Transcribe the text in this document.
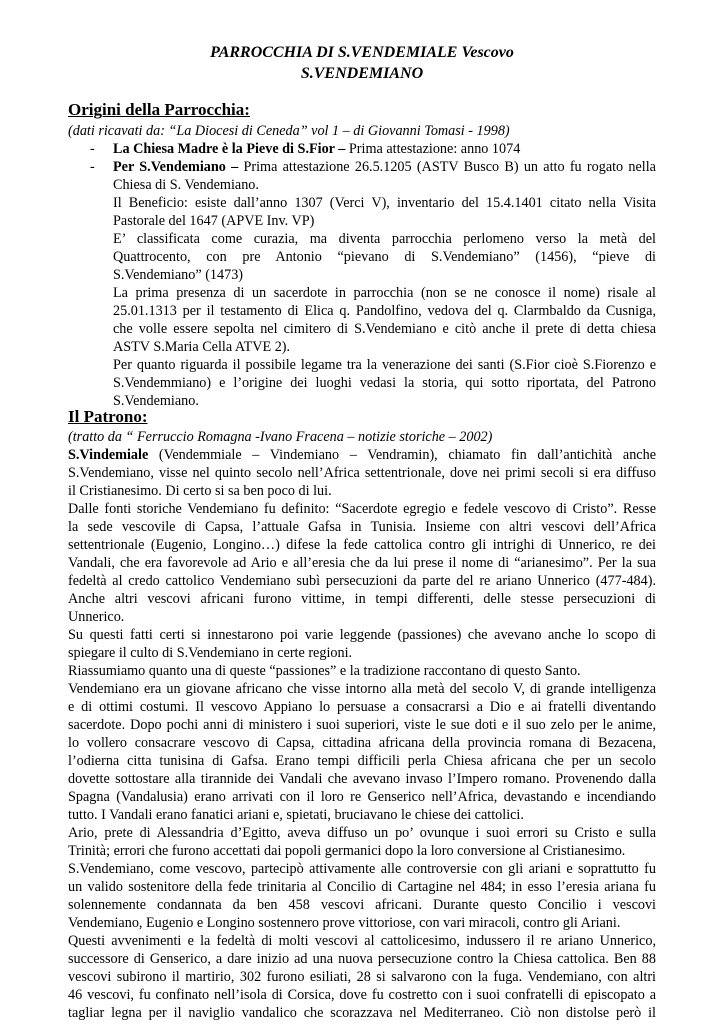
PARROCCHIA DI S.VENDEMIALE Vescovo
S.VENDEMIANO
Origini della Parrocchia:
(dati ricavati da: “La Diocesi di Ceneda” vol 1 – di Giovanni Tomasi - 1998)
- La Chiesa Madre è la Pieve di S.Fior – Prima attestazione: anno 1074
- Per S.Vendemiano – Prima attestazione 26.5.1205 (ASTV Busco B) un atto fu rogato nella
Chiesa di S. Vendemiano.
Il Beneficio: esiste dall’anno 1307 (Verci V), inventario del 15.4.1401 citato nella Visita
Pastorale del 1647 (APVE Inv. VP)
E’ classificata come curazia, ma diventa parrocchia perlomeno verso la metà del
Quattrocento, con pre Antonio “pievano di S.Vendemiano” (1456), “pieve di
S.Vendemiano” (1473)
La prima presenza di un sacerdote in parrocchia (non se ne conosce il nome) risale al
25.01.1313 per il testamento di Elica q. Pandolfino, vedova del q. Clarmbaldo da Cusniga,
che volle essere sepolta nel cimitero di S.Vendemiano e citò anche il prete di detta chiesa
ASTV S.Maria Cella ATVE 2).
Per quanto riguarda il possibile legame tra la venerazione dei santi (S.Fior cioè S.Fiorenzo e
S.Vendemmiano) e l’origine dei luoghi vedasi la storia, qui sotto riportata, del Patrono
S.Vendemiano.
Il Patrono:
(tratto da “ Ferruccio Romagna -Ivano Fracena – notizie storiche – 2002)
S.Vindemiale (Vendemmiale – Vindemiano – Vendramin), chiamato fin dall’antichità anche
S.Vendemiano, visse nel quinto secolo nell’Africa settentrionale, dove nei primi secoli si era diffuso
il Cristianesimo. Di certo si sa ben poco di lui.
Dalle fonti storiche Vendemiano fu definito: “Sacerdote egregio e fedele vescovo di Cristo”. Resse
la sede vescovile di Capsa, l’attuale Gafsa in Tunisia. Insieme con altri vescovi dell’Africa
settentrionale (Eugenio, Longino…) difese la fede cattolica contro gli intrighi di Unnerico, re dei
Vandali, che era favorevole ad Ario e all’eresia che da lui prese il nome di “arianesimo”. Per la sua
fedeltà al credo cattolico Vendemiano subì persecuzioni da parte del re ariano Unnerico (477-484).
Anche altri vescovi africani furono vittime, in tempi differenti, delle stesse persecuzioni di
Unnerico.
Su questi fatti certi si innestarono poi varie leggende (passiones) che avevano anche lo scopo di
spiegare il culto di S.Vendemiano in certe regioni.
Riassumiamo quanto una di queste “passiones” e la tradizione raccontano di questo Santo.
Vendemiano era un giovane africano che visse intorno alla metà del secolo V, di grande intelligenza
e di ottimi costumi. Il vescovo Appiano lo persuase a consacrarsi a Dio e ai fratelli diventando
sacerdote. Dopo pochi anni di ministero i suoi superiori, viste le sue doti e il suo zelo per le anime,
lo vollero consacrare vescovo di Capsa, cittadina africana della provincia romana di Bezacena,
l’odierna citta tunisina di Gafsa. Erano tempi difficili perla Chiesa africana che per un secolo
dovette sottostare alla tirannide dei Vandali che avevano invaso l’Impero romano. Provenendo dalla
Spagna (Vandalusia) erano arrivati con il loro re Genserico nell’Africa, devastando e incendiando
tutto. I Vandali erano fanatici ariani e, spietati, bruciavano le chiese dei cattolici.
Ario, prete di Alessandria d’Egitto, aveva diffuso un po’ ovunque i suoi errori su Cristo e sulla
Trinità; errori che furono accettati dai popoli germanici dopo la loro conversione al Cristianesimo.
S.Vendemiano, come vescovo, partecipò attivamente alle controversie con gli ariani e soprattutto fu
un valido sostenitore della fede trinitaria al Concilio di Cartagine nel 484; in esso l’eresia ariana fu
solennemente condannata da ben 458 vescovi africani. Durante questo Concilio i vescovi
Vendemiano, Eugenio e Longino sostennero prove vittoriose, con vari miracoli, contro gli Ariani.
Questi avvenimenti e la fedeltà di molti vescovi al cattolicesimo, indussero il re ariano Unnerico,
successore di Genserico, a dare inizio ad una nuova persecuzione contro la Chiesa cattolica. Ben 88
vescovi subirono il martirio, 302 furono esiliati, 28 si salvarono con la fuga. Vendemiano, con altri
46 vescovi, fu confinato nell’isola di Corsica, dove fu costretto con i suoi confratelli di episcopato a
tagliar legna per il naviglio vandalico che scorazzava nel Mediterraneo. Ciò non distolse però il
